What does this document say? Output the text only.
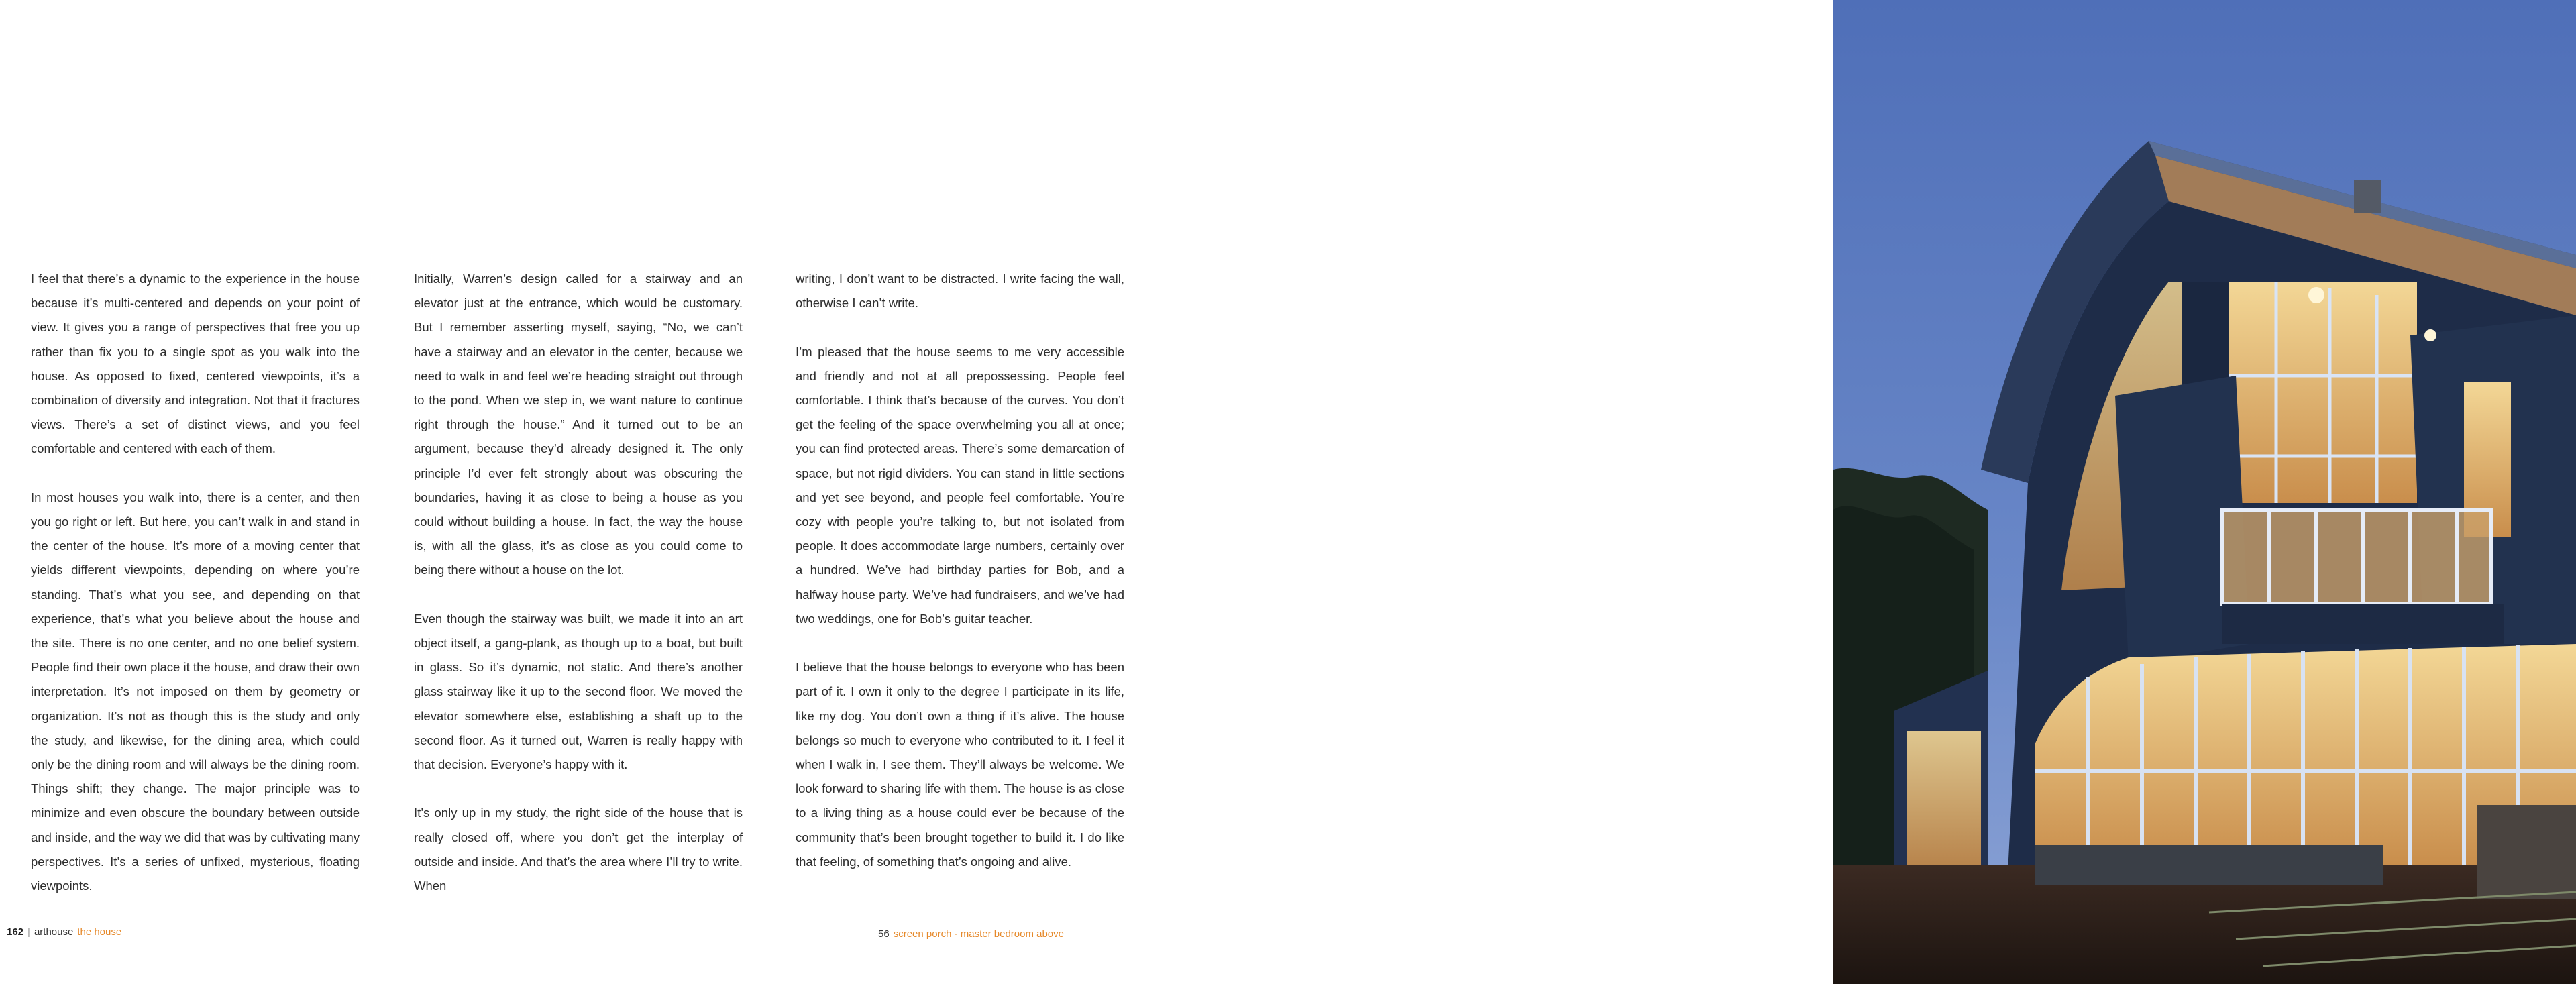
I feel that there’s a dynamic to the experience in the house because it’s multi-centered and depends on your point of view. It gives you a range of perspectives that free you up rather than fix you to a single spot as you walk into the house. As opposed to fixed, centered viewpoints, it’s a combination of diversity and integration. Not that it fractures views. There’s a set of distinct views, and you feel comfortable and centered with each of them.

In most houses you walk into, there is a center, and then you go right or left. But here, you can’t walk in and stand in the center of the house. It’s more of a moving center that yields different viewpoints, depending on where you’re standing. That’s what you see, and depending on that experience, that’s what you believe about the house and the site. There is no one center, and no one belief system. People find their own place it the house, and draw their own interpretation. It’s not imposed on them by geometry or organization. It’s not as though this is the study and only the study, and likewise, for the dining area, which could only be the dining room and will always be the dining room. Things shift; they change. The major principle was to minimize and even obscure the boundary between outside and inside, and the way we did that was by cultivating many perspectives. It’s a series of unfixed, mysterious, floating viewpoints.

Initially, Warren’s design called for a stairway and an elevator just at the entrance, which would be customary. But I remember asserting myself, saying, “No, we can’t have a stairway and an elevator in the center, because we need to walk in and feel we’re heading straight out through to the pond. When we step in, we want nature to continue right through the house.” And it turned out to be an argument, because they’d already designed it. The only principle I’d ever felt strongly about was obscuring the boundaries, having it as close to being a house as you could without building a house. In fact, the way the house is, with all the glass, it’s as close as you could come to being there without a house on the lot.

Even though the stairway was built, we made it into an art object itself, a gang-plank, as though up to a boat, but built in glass. So it’s dynamic, not static. And there’s another glass stairway like it up to the second floor. We moved the elevator somewhere else, establishing a shaft up to the second floor. As it turned out, Warren is really happy with that decision. Everyone’s happy with it.

It’s only up in my study, the right side of the house that is really closed off, where you don’t get the interplay of outside and inside. And that’s the area where I’ll try to write. When

writing, I don’t want to be distracted. I write facing the wall, otherwise I can’t write.

I’m pleased that the house seems to me very accessible and friendly and not at all prepossessing. People feel comfortable. I think that’s because of the curves. You don’t get the feeling of the space overwhelming you all at once; you can find protected areas. There’s some demarcation of space, but not rigid dividers. You can stand in little sections and yet see beyond, and people feel comfortable. You’re cozy with people you’re talking to, but not isolated from people. It does accommodate large numbers, certainly over a hundred. We’ve had birthday parties for Bob, and a halfway house party. We’ve had fundraisers, and we’ve had two weddings, one for Bob’s guitar teacher.

I believe that the house belongs to everyone who has been part of it. I own it only to the degree I participate in its life, like my dog. You don’t own a thing if it’s alive. The house belongs so much to everyone who contributed to it. I feel it when I walk in, I see them. They’ll always be welcome. We look forward to sharing life with them. The house is as close to a living thing as a house could ever be because of the community that’s been brought together to build it. I do like that feeling, of something that’s ongoing and alive.

162 | arthouse the house	56 screen porch - master bedroom above
